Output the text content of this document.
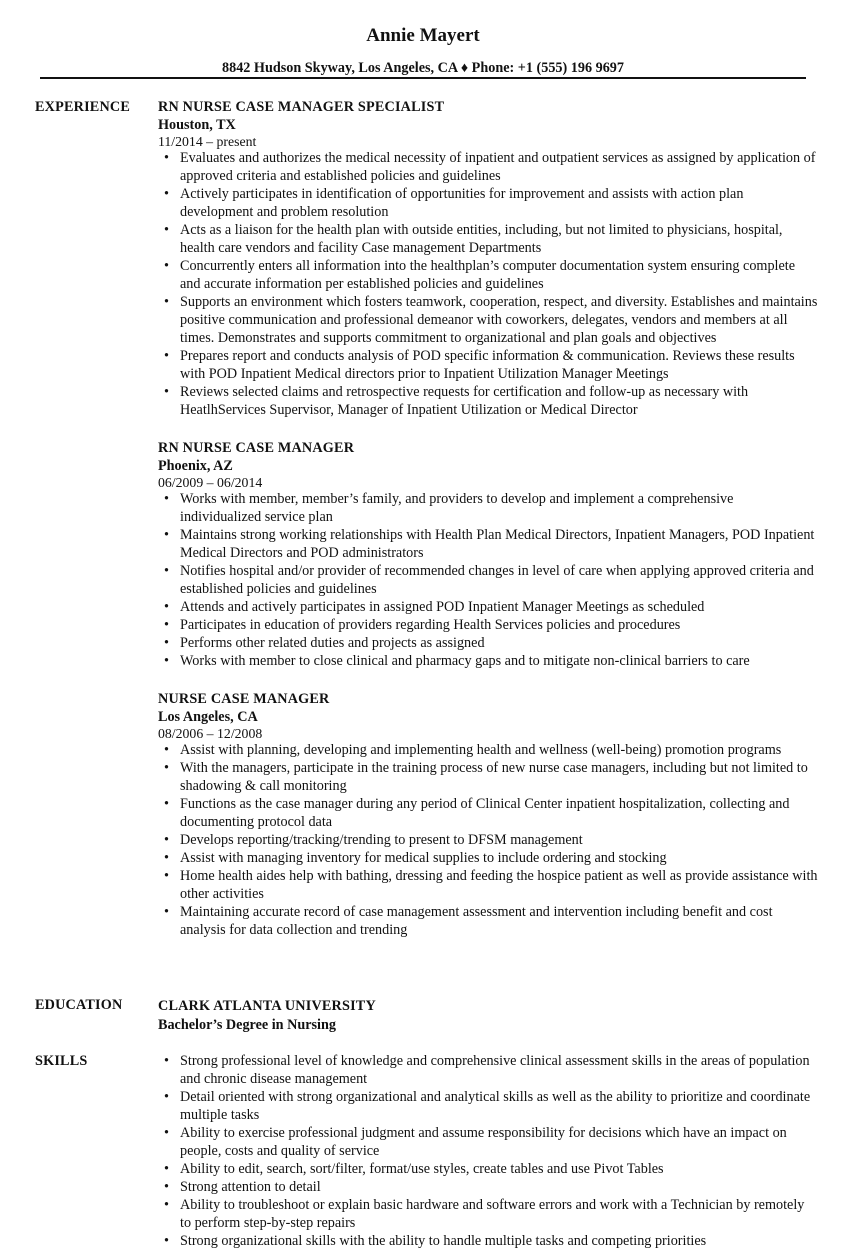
Annie Mayert
8842 Hudson Skyway, Los Angeles, CA ♦ Phone: +1 (555) 196 9697
EXPERIENCE RN NURSE CASE MANAGER SPECIALIST
Houston, TX
11/2014 – present
• Evaluates and authorizes the medical necessity of inpatient and outpatient services as assigned by application of approved criteria and established policies and guidelines
• Actively participates in identification of opportunities for improvement and assists with action plan development and problem resolution
• Acts as a liaison for the health plan with outside entities, including, but not limited to physicians, hospital, health care vendors and facility Case management Departments
• Concurrently enters all information into the healthplan’s computer documentation system ensuring complete and accurate information per established policies and guidelines
• Supports an environment which fosters teamwork, cooperation, respect, and diversity. Establishes and maintains positive communication and professional demeanor with coworkers, delegates, vendors and members at all times. Demonstrates and supports commitment to organizational and plan goals and objectives
• Prepares report and conducts analysis of POD specific information & communication. Reviews these results with POD Inpatient Medical directors prior to Inpatient Utilization Manager Meetings
• Reviews selected claims and retrospective requests for certification and follow-up as necessary with HeatlhServices Supervisor, Manager of Inpatient Utilization or Medical Director
RN NURSE CASE MANAGER
Phoenix, AZ
06/2009 – 06/2014
• Works with member, member’s family, and providers to develop and implement a comprehensive individualized service plan
• Maintains strong working relationships with Health Plan Medical Directors, Inpatient Managers, POD Inpatient Medical Directors and POD administrators
• Notifies hospital and/or provider of recommended changes in level of care when applying approved criteria and established policies and guidelines
• Attends and actively participates in assigned POD Inpatient Manager Meetings as scheduled
• Participates in education of providers regarding Health Services policies and procedures
• Performs other related duties and projects as assigned
• Works with member to close clinical and pharmacy gaps and to mitigate non-clinical barriers to care
NURSE CASE MANAGER
Los Angeles, CA
08/2006 – 12/2008
• Assist with planning, developing and implementing health and wellness (well-being) promotion programs
• With the managers, participate in the training process of new nurse case managers, including but not limited to shadowing & call monitoring
• Functions as the case manager during any period of Clinical Center inpatient hospitalization, collecting and documenting protocol data
• Develops reporting/tracking/trending to present to DFSM management
• Assist with managing inventory for medical supplies to include ordering and stocking
• Home health aides help with bathing, dressing and feeding the hospice patient as well as provide assistance with other activities
• Maintaining accurate record of case management assessment and intervention including benefit and cost analysis for data collection and trending
EDUCATION	CLARK ATLANTA UNIVERSITY
Bachelor’s Degree in Nursing
SKILLS	• Strong professional level of knowledge and comprehensive clinical assessment skills in the areas of population and chronic disease management
• Detail oriented with strong organizational and analytical skills as well as the ability to prioritize and coordinate multiple tasks
• Ability to exercise professional judgment and assume responsibility for decisions which have an impact on people, costs and quality of service
• Ability to edit, search, sort/filter, format/use styles, create tables and use Pivot Tables
• Strong attention to detail
• Ability to troubleshoot or explain basic hardware and software errors and work with a Technician by remotely to perform step-by-step repairs
• Strong organizational skills with the ability to handle multiple tasks and competing priorities
